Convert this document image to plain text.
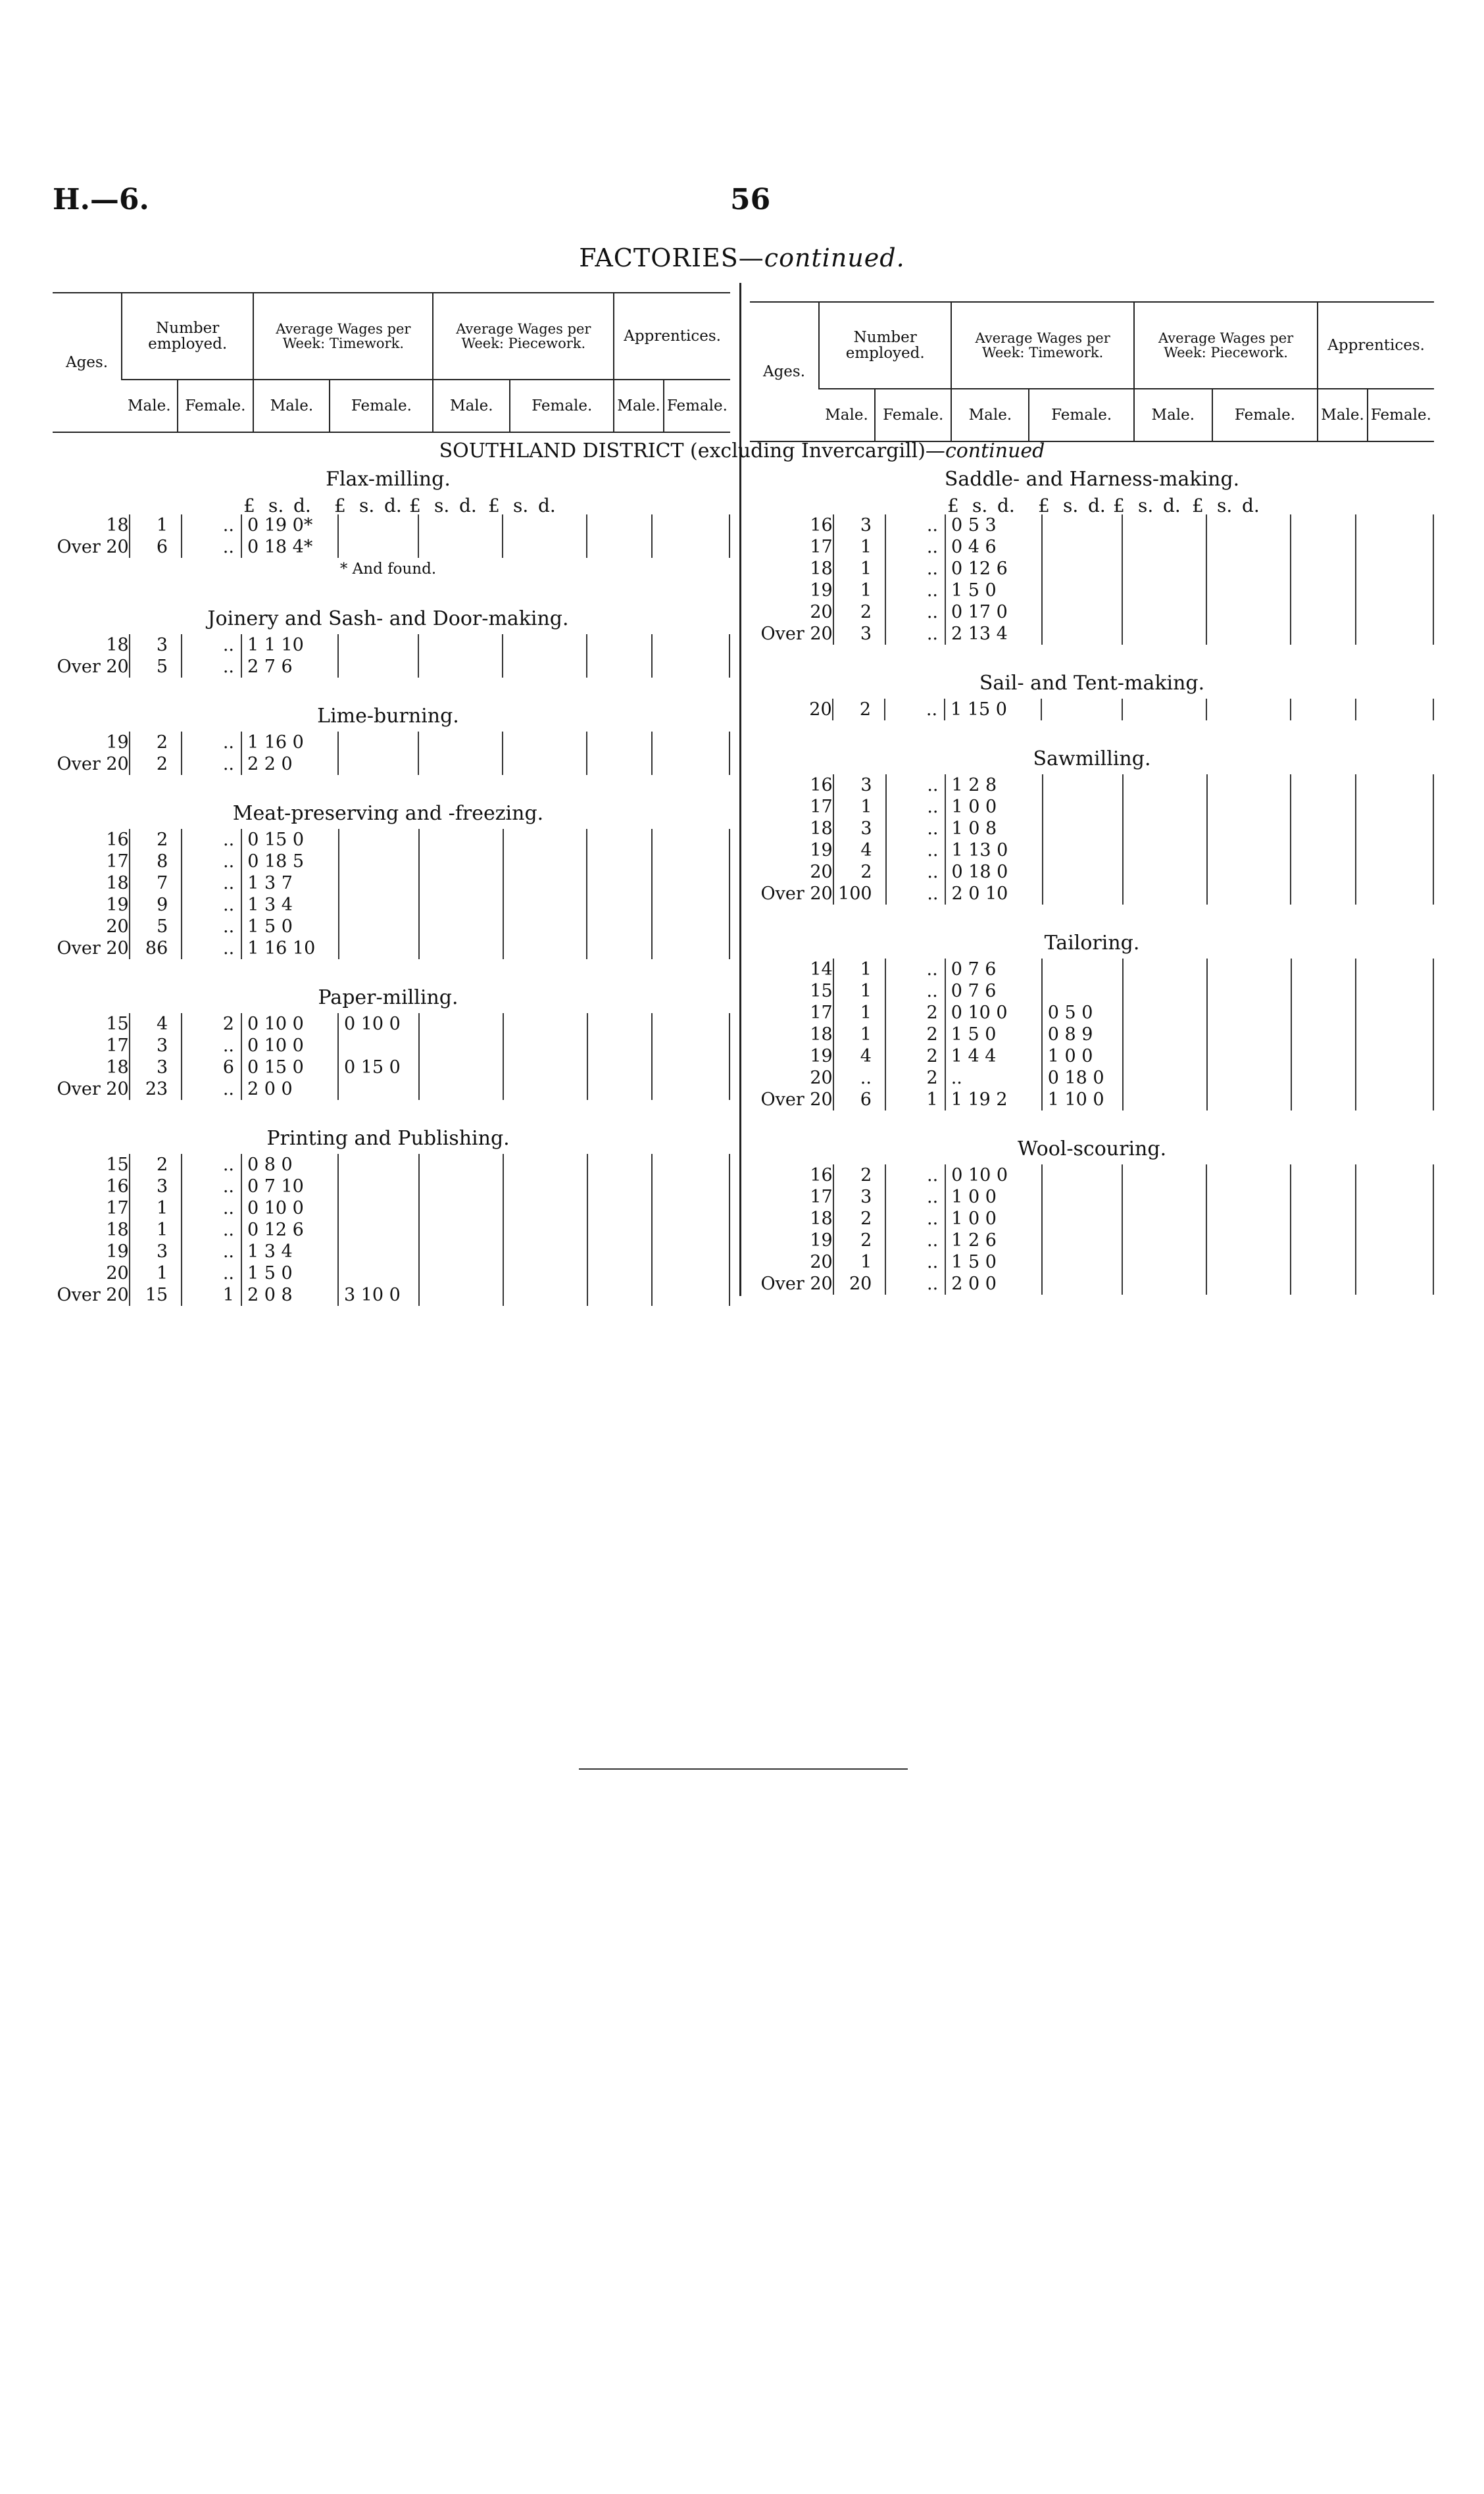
H.—6.	56
FACTORIES—continued.
Ages.	Number employed.		Average Wages per Week: Timework.		Average Wages per Week: Piecework.		Apprentices.	
	Male.	Female.	Male.	Female.	Male.	Female.	Male.	Female.
Ages.	Number employed.		Average Wages per Week: Timework.		Average Wages per Week: Piecework.		Apprentices.	
	Male.	Female.	Male.	Female.	Male.	Female.	Male.	Female.
SOUTHLAND DISTRICT (excluding Invercargill)—continued
Flax-milling.
£ s. d. £ s. d. £ s. d. £ s. d.
18	1	..	0 19 0*					
Over 20	6	..	0 18 4*					
* And found.
Joinery and Sash- and Door-making.
18	3	..	1 1 10					
Over 20	5	..	2 7 6					
Lime-burning.
19	2	..	1 16 0					
Over 20	2	..	2 2 0					
Meat-preserving and -freezing.
16	2	..	0 15 0					
17	8	..	0 18 5					
18	7	..	1 3 7					
19	9	..	1 3 4					
20	5	..	1 5 0					
Over 20	86	..	1 16 10					
Paper-milling.
15	4	2	0 10 0	0 10 0				
17	3	..	0 10 0					
18	3	6	0 15 0	0 15 0				
Over 20	23	..	2 0 0					
Printing and Publishing.
15	2	..	0 8 0					
16	3	..	0 7 10					
17	1	..	0 10 0					
18	1	..	0 12 6					
19	3	..	1 3 4					
20	1	..	1 5 0					
Over 20	15	1	2 0 8	3 10 0				
Saddle- and Harness-making.
£ s. d. £ s. d. £ s. d. £ s. d.
16	3	..	0 5 3					
17	1	..	0 4 6					
18	1	..	0 12 6					
19	1	..	1 5 0					
20	2	..	0 17 0					
Over 20	3	..	2 13 4					
Sail- and Tent-making.
20	2	..	1 15 0					
Sawmilling.
16	3	..	1 2 8					
17	1	..	1 0 0					
18	3	..	1 0 8					
19	4	..	1 13 0					
20	2	..	0 18 0					
Over 20	100	..	2 0 10					
Tailoring.
14	1	..	0 7 6					
15	1	..	0 7 6					
17	1	2	0 10 0	0 5 0				
18	1	2	1 5 0	0 8 9				
19	4	2	1 4 4	1 0 0				
20	..	2	..	0 18 0				
Over 20	6	1	1 19 2	1 10 0				
Wool-scouring.
16	2	..	0 10 0					
17	3	..	1 0 0					
18	2	..	1 0 0					
19	2	..	1 2 6					
20	1	..	1 5 0					
Over 20	20	..	2 0 0					
